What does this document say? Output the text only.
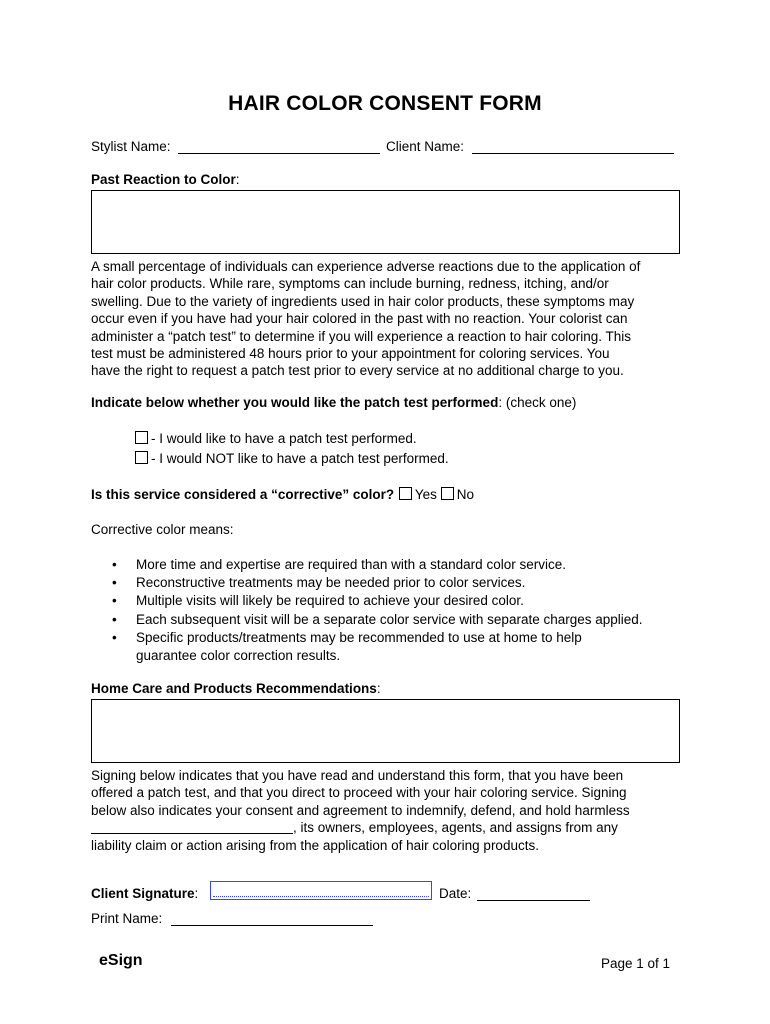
HAIR COLOR CONSENT FORM
Stylist Name:	Client Name:
Past Reaction to Color:
A small percentage of individuals can experience adverse reactions due to the application of
hair color products. While rare, symptoms can include burning, redness, itching, and/or
swelling. Due to the variety of ingredients used in hair color products, these symptoms may
occur even if you have had your hair colored in the past with no reaction. Your colorist can
administer a “patch test” to determine if you will experience a reaction to hair coloring. This
test must be administered 48 hours prior to your appointment for coloring services. You
have the right to request a patch test prior to every service at no additional charge to you.
Indicate below whether you would like the patch test performed: (check one)
- I would like to have a patch test performed.
- I would NOT like to have a patch test performed.
Is this service considered a “corrective” color? Yes No
Corrective color means:
• More time and expertise are required than with a standard color service.
• Reconstructive treatments may be needed prior to color services.
• Multiple visits will likely be required to achieve your desired color.
• Each subsequent visit will be a separate color service with separate charges applied.
• Specific products/treatments may be recommended to use at home to help
guarantee color correction results.
Home Care and Products Recommendations:
Signing below indicates that you have read and understand this form, that you have been
offered a patch test, and that you direct to proceed with your hair coloring service. Signing
below also indicates your consent and agreement to indemnify, defend, and hold harmless
, its owners, employees, agents, and assigns from any
liability claim or action arising from the application of hair coloring products.
Client Signature:	Date:
Print Name:
eSign	Page 1 of 1
